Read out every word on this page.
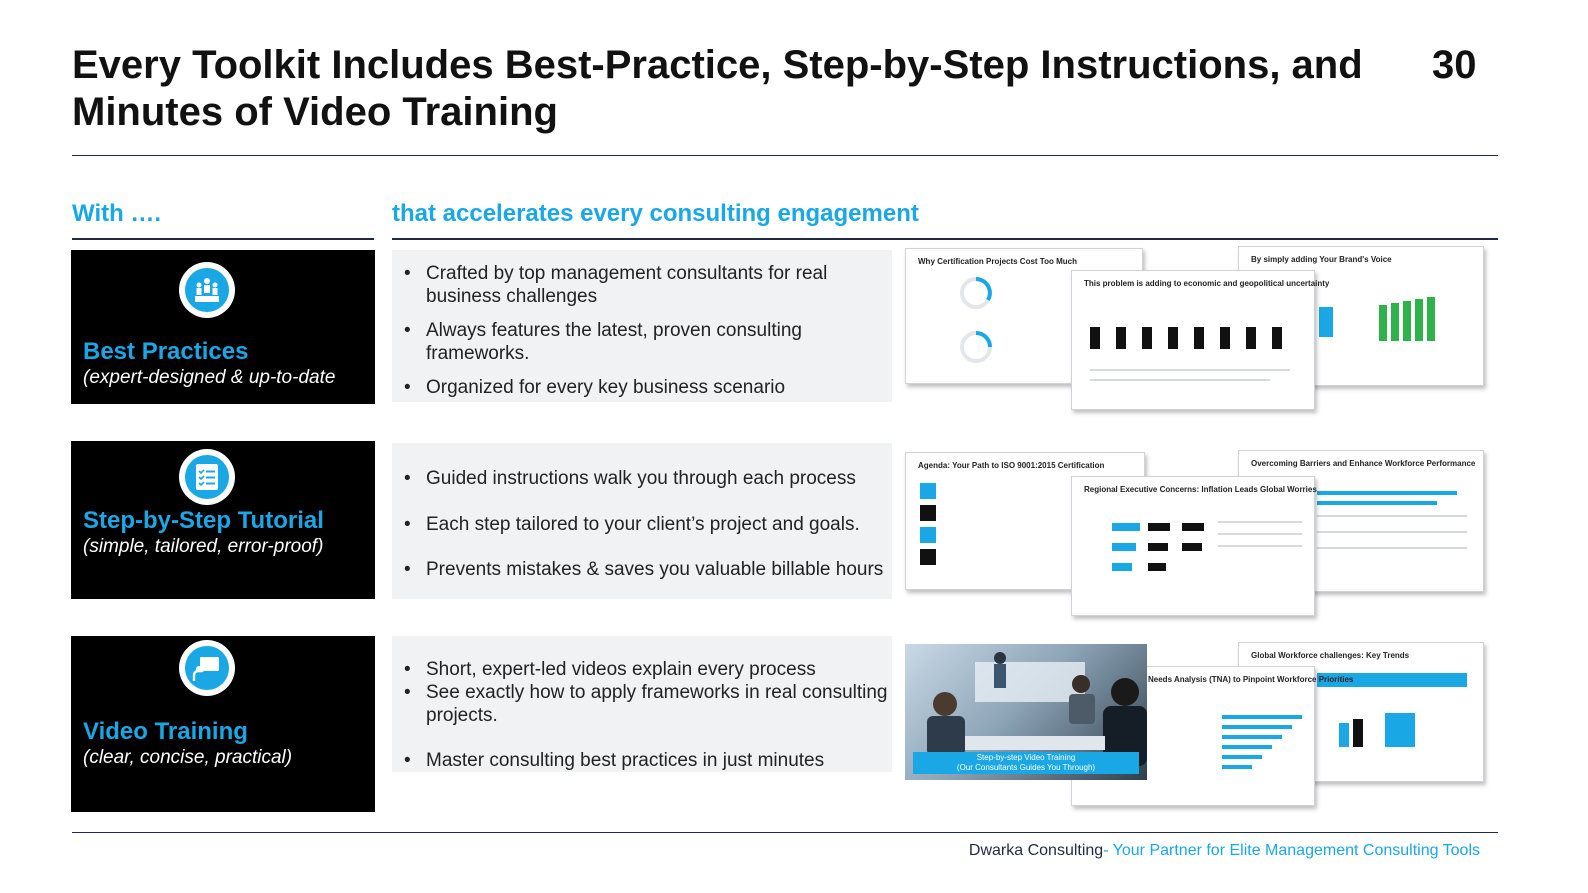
Every Toolkit Includes Best-Practice, Step-by-Step Instructions, and Minutes of Video Training
30
With ….	that accelerates every consulting engagement
Best Practices
(expert-designed & up-to-date
• Crafted by top management consultants for real business challenges
• Always features the latest, proven consulting frameworks.
• Organized for every key business scenario
Why Certification Projects Cost Too Much	By simply adding Your Brand's Voice
This problem is adding to economic and geopolitical uncertainty
Step-by-Step Tutorial
(simple, tailored, error-proof)
• Guided instructions walk you through each process
• Each step tailored to your client’s project and goals.
• Prevents mistakes & saves you valuable billable hours
Agenda: Your Path to ISO 9001:2015 Certification	Overcoming Barriers and Enhance Workforce Performance
Regional Executive Concerns: Inflation Leads Global Worries
Video Training
(clear, concise, practical)
• Short, expert-led videos explain every process
• See exactly how to apply frameworks in real consulting projects.
• Master consulting best practices in just minutes
Global Workforce challenges: Key Trends
Needs Analysis (TNA) to Pinpoint Workforce Priorities
Step-by-step Video Training
(Our Consultants Guides You Through)
Dwarka Consulting- Your Partner for Elite Management Consulting Tools
